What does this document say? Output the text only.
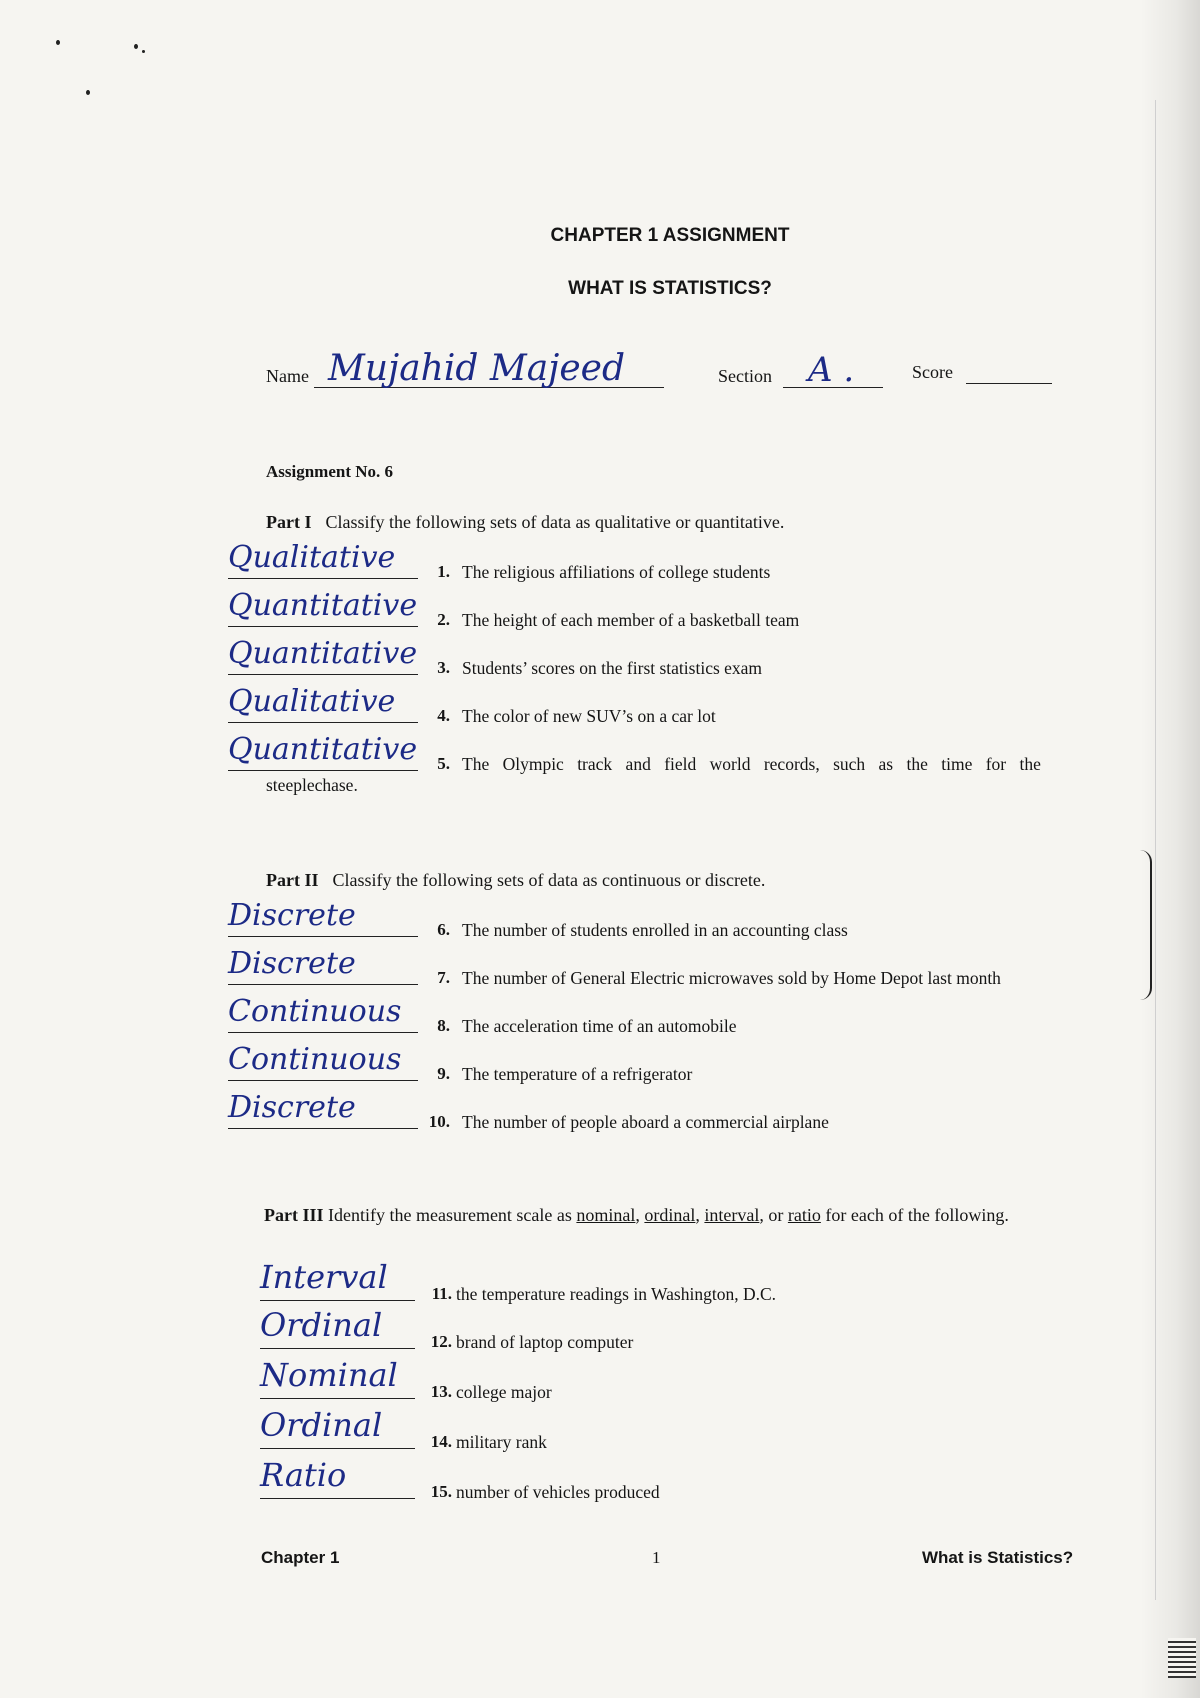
CHAPTER 1 ASSIGNMENT
WHAT IS STATISTICS?
Name Mujahid Majeed	Section A .	Score
Assignment No. 6
Part I Classify the following sets of data as qualitative or quantitative.
Qualitative	1. The religious affiliations of college students
Quantitative	2. The height of each member of a basketball team
Quantitative	3. Students’ scores on the first statistics exam
Qualitative	4. The color of new SUV’s on a car lot
Quantitative	5. The Olympic track and field world records, such as the time for the
steeplechase.
Part II Classify the following sets of data as continuous or discrete.
Discrete	6. The number of students enrolled in an accounting class
Discrete	7. The number of General Electric microwaves sold by Home Depot last month
Continuous	8. The acceleration time of an automobile
Continuous	9. The temperature of a refrigerator
Discrete	10. The number of people aboard a commercial airplane
Part III Identify the measurement scale as nominal, ordinal, interval, or ratio for each of the following.
Interval	11. the temperature readings in Washington, D.C.
Ordinal	12. brand of laptop computer
Nominal	13. college major
Ordinal	14. military rank
Ratio	15. number of vehicles produced
Chapter 1	1	What is Statistics?
